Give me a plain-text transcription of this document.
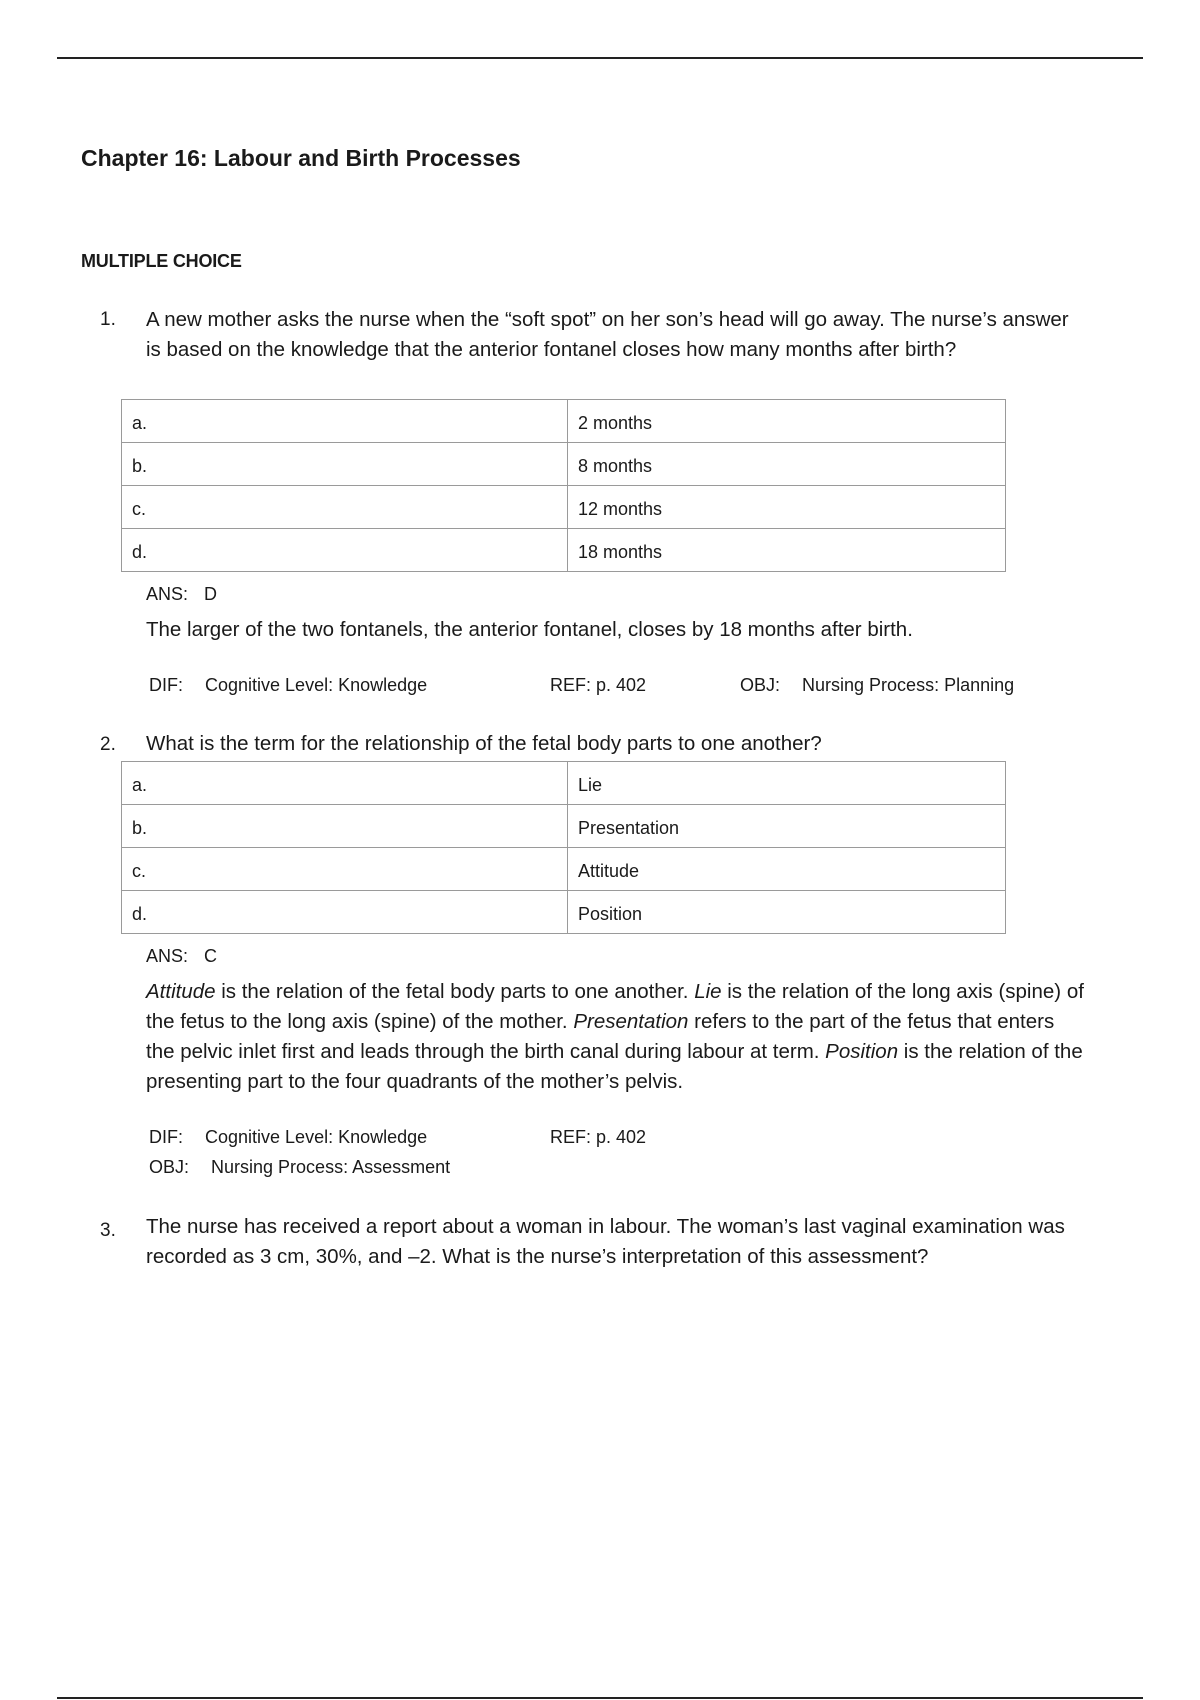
Chapter 16: Labour and Birth Processes
MULTIPLE CHOICE
1. A new mother asks the nurse when the “soft spot” on her son’s head will go away. The nurse’s answer is based on the knowledge that the anterior fontanel closes how many months after birth?
a.	2 months
b.	8 months
c.	12 months
d.	18 months
ANS: D
The larger of the two fontanels, the anterior fontanel, closes by 18 months after birth.
DIF: Cognitive Level: Knowledge	REF: p. 402	OBJ: Nursing Process: Planning
2. What is the term for the relationship of the fetal body parts to one another?
a.	Lie
b.	Presentation
c.	Attitude
d.	Position
ANS: C
Attitude is the relation of the fetal body parts to one another. Lie is the relation of the long axis (spine) of the fetus to the long axis (spine) of the mother. Presentation refers to the part of the fetus that enters the pelvic inlet first and leads through the birth canal during labour at term. Position is the relation of the presenting part to the four quadrants of the mother’s pelvis.
DIF: Cognitive Level: Knowledge	REF: p. 402
OBJ: Nursing Process: Assessment
3. The nurse has received a report about a woman in labour. The woman’s last vaginal examination was recorded as 3 cm, 30%, and –2. What is the nurse’s interpretation of this assessment?
